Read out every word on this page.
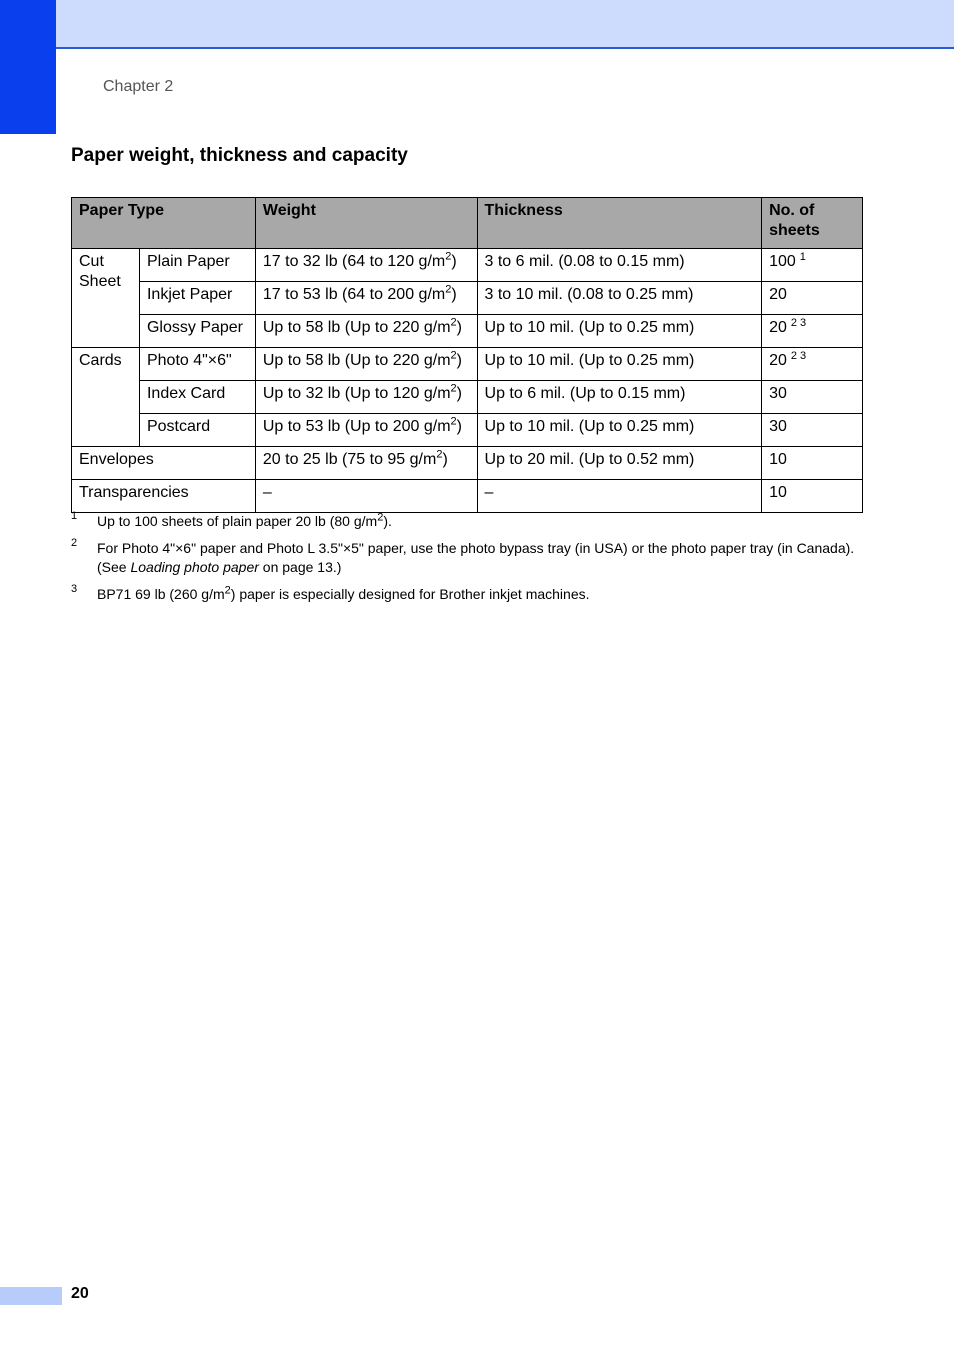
Chapter 2
Paper weight, thickness and capacity
Paper Type		Weight	Thickness	No. of
sheets
Cut
Sheet	Plain Paper	17 to 32 lb (64 to 120 $g/m^2$)	3 to 6 mil. (0.08 to 0.15 mm)	100 $^1$
	Inkjet Paper	17 to 53 lb (64 to 200 $g/m^2$)	3 to 10 mil. (0.08 to 0.25 mm)	20
	Glossy Paper	Up to 58 lb (Up to 220 $g/m^2$)	Up to 10 mil. (Up to 0.25 mm)	20 $^{2 3}$
Cards	Photo 4"×6"	Up to 58 lb (Up to 220 $g/m^2$)	Up to 10 mil. (Up to 0.25 mm)	20 $^{2 3}$
	Index Card	Up to 32 lb (Up to 120 $g/m^2$)	Up to 6 mil. (Up to 0.15 mm)	30
	Postcard	Up to 53 lb (Up to 200 $g/m^2$)	Up to 10 mil. (Up to 0.25 mm)	30
Envelopes		20 to 25 lb (75 to 95 $g/m^2$)	Up to 20 mil. (Up to 0.52 mm)	10
Transparencies		–	–	10
1 Up to 100 sheets of plain paper 20 lb (80 $g/m^2$).
2 For Photo 4"×6" paper and Photo L 3.5"×5" paper, use the photo bypass tray (in USA) or the photo paper tray (in Canada). (See Loading photo paper on page 13.)
3 BP71 69 lb (260 $g/m^2$) paper is especially designed for Brother inkjet machines.
20
